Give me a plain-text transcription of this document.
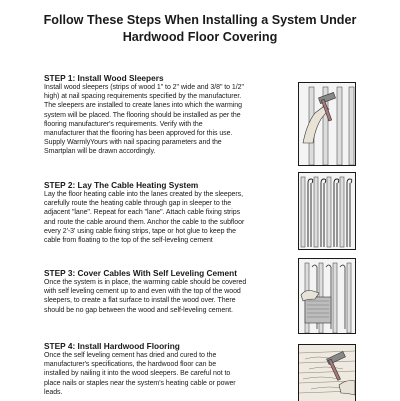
Follow These Steps When Installing a System Under
Hardwood Floor Covering
STEP 1: Install Wood Sleepers

Install wood sleepers (strips of wood 1" to 2" wide and 3/8" to 1/2"
high) at nail spacing requirements specified by the manufacturer.
The sleepers are installed to create lanes into which the warming
system will be placed. The flooring should be installed as per the
flooring manufacturer's requirements. Verify with the
manufacturer that the flooring has been approved for this use.
Supply WarmlyYours with nail spacing parameters and the
Smartplan will be drawn accordingly.

STEP 2: Lay The Cable Heating System

Lay the floor heating cable into the lanes created by the sleepers,
carefully route the heating cable through gap in sleeper to the
adjacent "lane". Repeat for each "lane". Attach cable fixing strips
and route the cable around them. Anchor the cable to the subfloor
every 2'-3' using cable fixing strips, tape or hot glue to keep the
cable from floating to the top of the self-leveling cement

STEP 3: Cover Cables With Self Leveling Cement

Once the system is in place, the warming cable should be covered
with self leveling cement up to and even with the top of the wood
sleepers, to create a flat surface to install the wood over. There
should be no gap between the wood and self-leveling cement.

STEP 4: Install Hardwood Flooring

Once the self leveling cement has dried and cured to the
manufacturer's specifications, the hardwood floor can be
installed by nailing it into the wood sleepers. Be careful not to
place nails or staples near the system's heating cable or power
leads.
